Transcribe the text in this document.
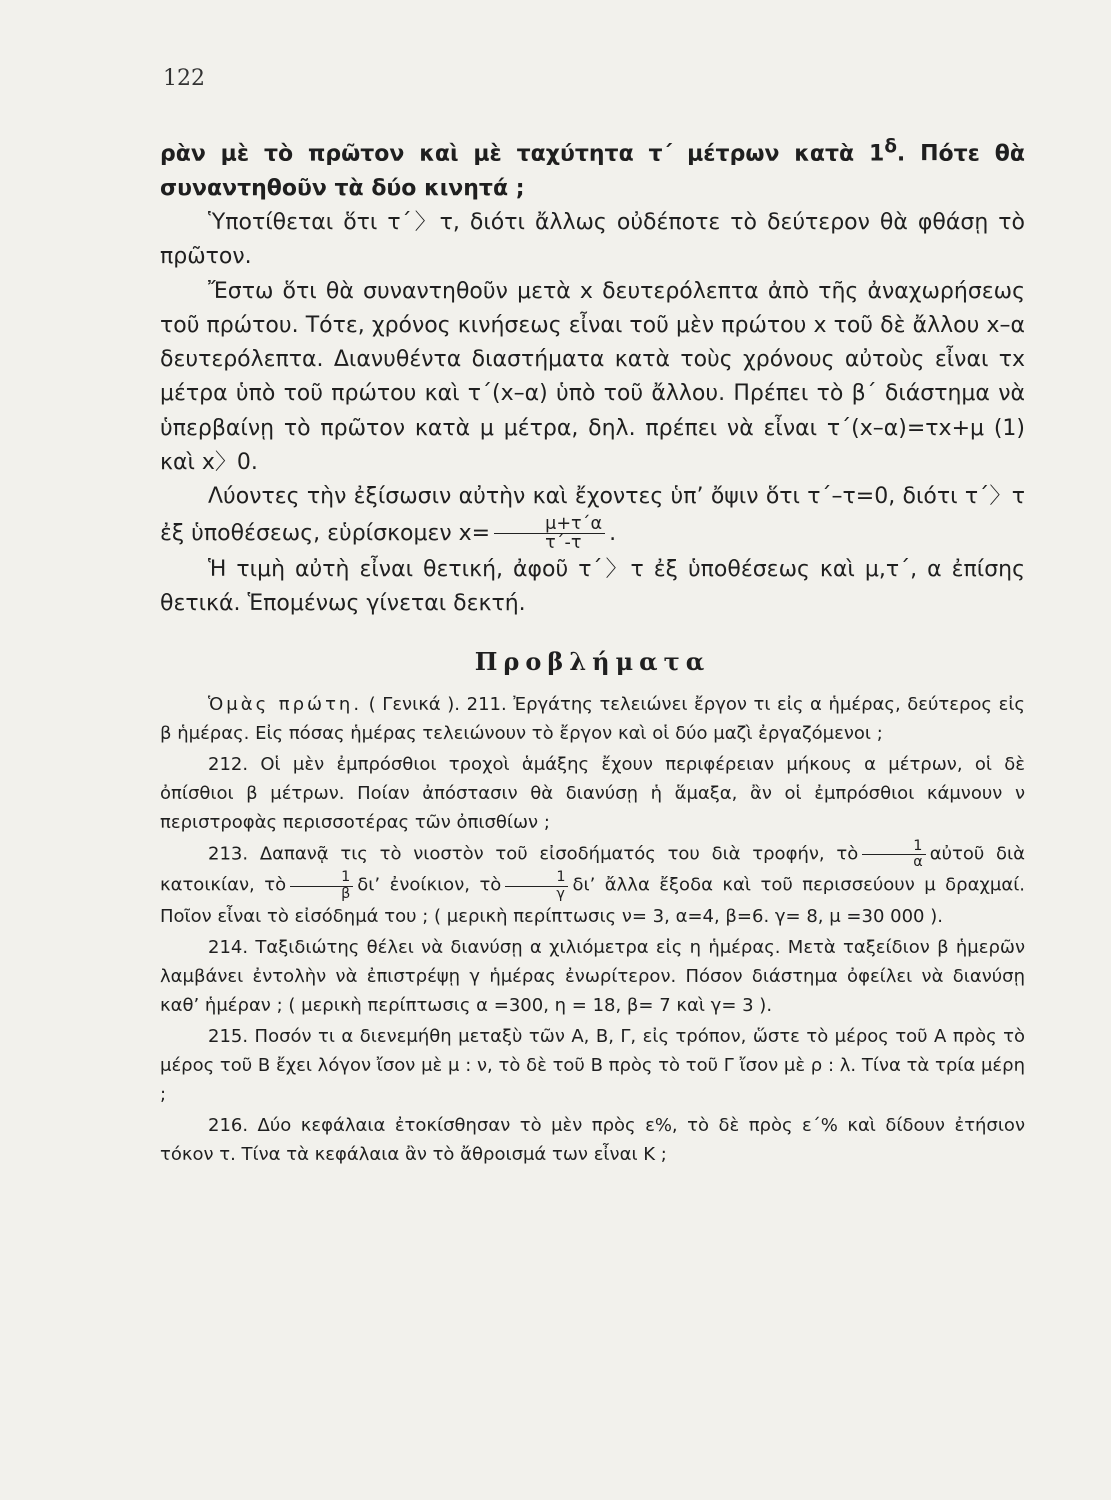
122

ρὰν μὲ τὸ πρῶτον καὶ μὲ ταχύτητα τ΄ μέτρων κατὰ $1^\delta$. Πότε θὰ συναντηθοῦν τὰ δύο κινητά ;

Ὑποτίθεται ὅτι τ΄〉τ, διότι ἄλλως οὐδέποτε τὸ δεύτερον θὰ φθάσῃ τὸ πρῶτον.

Ἔστω ὅτι θὰ συναντηθοῦν μετὰ x δευτερόλεπτα ἀπὸ τῆς ἀναχωρήσεως τοῦ πρώτου. Τότε, χρόνος κινήσεως εἶναι τοῦ μὲν πρώτου x τοῦ δὲ ἄλλου x–α δευτερόλεπτα. Διανυθέντα διαστήματα κατὰ τοὺς χρόνους αὐτοὺς εἶναι τx μέτρα ὑπὸ τοῦ πρώτου καὶ τ΄(x–α) ὑπὸ τοῦ ἄλλου. Πρέπει τὸ β΄ διάστημα νὰ ὑπερβαίνῃ τὸ πρῶτον κατὰ μ μέτρα, δηλ. πρέπει νὰ εἶναι τ΄(x–α)=τx+μ (1) καὶ x〉0.

Λύοντες τὴν ἐξίσωσιν αὐτὴν καὶ ἔχοντες ὑπ’ ὄψιν ὅτι τ΄–τ=0, διότι τ΄〉τ ἐξ ὑποθέσεως, εὑρίσκομεν $x= \frac{\mu+\tau΄\alpha}{\tau΄-\tau}$ .

Ἡ τιμὴ αὐτὴ εἶναι θετική, ἀφοῦ τ΄〉τ ἐξ ὑποθέσεως καὶ μ,τ΄, α ἐπίσης θετικά. Ἑπομένως γίνεται δεκτή.

Προβλήματα

Ὁμὰς πρώτη. ( Γενικά ). 211. Ἐργάτης τελειώνει ἔργον τι εἰς α ἡμέρας, δεύτερος εἰς β ἡμέρας. Εἰς πόσας ἡμέρας τελειώνουν τὸ ἔργον καὶ οἱ δύο μαζὶ ἐργαζόμενοι ;

212. Οἱ μὲν ἐμπρόσθιοι τροχοὶ ἁμάξης ἔχουν περιφέρειαν μήκους α μέτρων, οἱ δὲ ὀπίσθιοι β μέτρων. Ποίαν ἀπόστασιν θὰ διανύσῃ ἡ ἅμαξα, ἂν οἱ ἐμπρόσθιοι κάμνουν ν περιστροφὰς περισσοτέρας τῶν ὀπισθίων ;

213. Δαπανᾷ τις τὸ νιοστὸν τοῦ εἰσοδήματός του διὰ τροφήν, τὸ $\frac{1}{\alpha}$ αὐτοῦ διὰ κατοικίαν, τὸ $\frac{1}{\beta} \delta\iota$’ ἐνοίκιον, τὸ $\frac{1}{\gamma} \delta\iota$’ ἄλλα ἔξοδα καὶ τοῦ περισσεύουν μ δραχμαί. Ποῖον εἶναι τὸ εἰσόδημά του ; ( μερικὴ περίπτωσις ν= 3, α=4, β=6. γ= 8, μ =30 000 ).

214. Ταξιδιώτης θέλει νὰ διανύσῃ α χιλιόμετρα εἰς η ἡμέρας. Μετὰ ταξείδιον β ἡμερῶν λαμβάνει ἐντολὴν νὰ ἐπιστρέψῃ γ ἡμέρας ἐνωρίτερον. Πόσον διάστημα ὀφείλει νὰ διανύσῃ καθ’ ἡμέραν ; ( μερικὴ περίπτωσις α =300, η = 18, β= 7 καὶ γ= 3 ).

215. Ποσόν τι α διενεμήθη μεταξὺ τῶν Α, Β, Γ, εἰς τρόπον, ὥστε τὸ μέρος τοῦ Α πρὸς τὸ μέρος τοῦ Β ἔχει λόγον ἴσον μὲ μ : ν, τὸ δὲ τοῦ Β πρὸς τὸ τοῦ Γ ἴσον μὲ ρ : λ. Τίνα τὰ τρία μέρη ;

216. Δύο κεφάλαια ἐτοκίσθησαν τὸ μὲν πρὸς ε%, τὸ δὲ πρὸς ε΄% καὶ δίδουν ἐτήσιον τόκον τ. Τίνα τὰ κεφάλαια ἂν τὸ ἄθροισμά των εἶναι Κ ;
